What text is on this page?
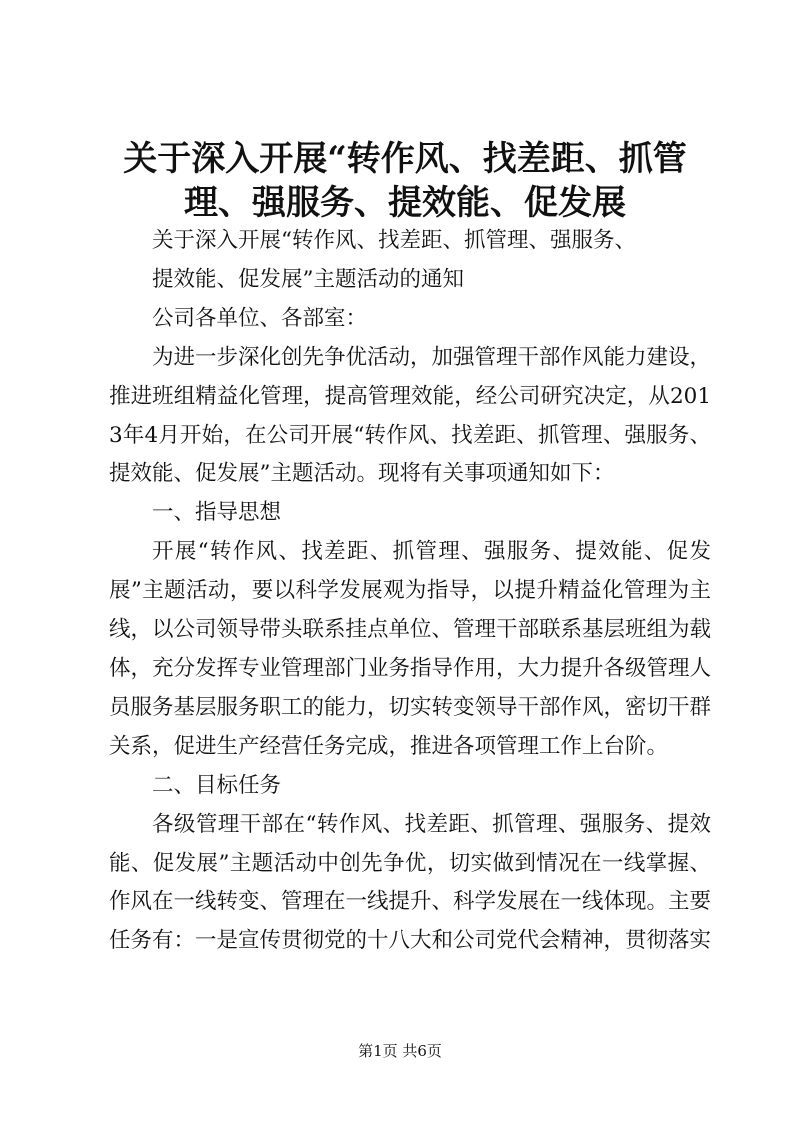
关于深入开展“转作风、找差距、抓管理、强服务、提效能、促发展

关于深入开展“转作风、找差距、抓管理、强服务、

提效能、促发展”主题活动的通知

公司各单位、各部室：

为进一步深化创先争优活动，加强管理干部作风能力建设，推进班组精益化管理，提高管理效能，经公司研究决定，从2013年4月开始，在公司开展“转作风、找差距、抓管理、强服务、提效能、促发展”主题活动。现将有关事项通知如下：

一、指导思想

开展“转作风、找差距、抓管理、强服务、提效能、促发展”主题活动，要以科学发展观为指导，以提升精益化管理为主线，以公司领导带头联系挂点单位、管理干部联系基层班组为载体，充分发挥专业管理部门业务指导作用，大力提升各级管理人员服务基层服务职工的能力，切实转变领导干部作风，密切干群关系，促进生产经营任务完成，推进各项管理工作上台阶。

二、目标任务

各级管理干部在“转作风、找差距、抓管理、强服务、提效能、促发展”主题活动中创先争优，切实做到情况在一线掌握、作风在一线转变、管理在一线提升、科学发展在一线体现。主要任务有：一是宣传贯彻党的十八大和公司党代会精神，贯彻落实

第1页 共6页
